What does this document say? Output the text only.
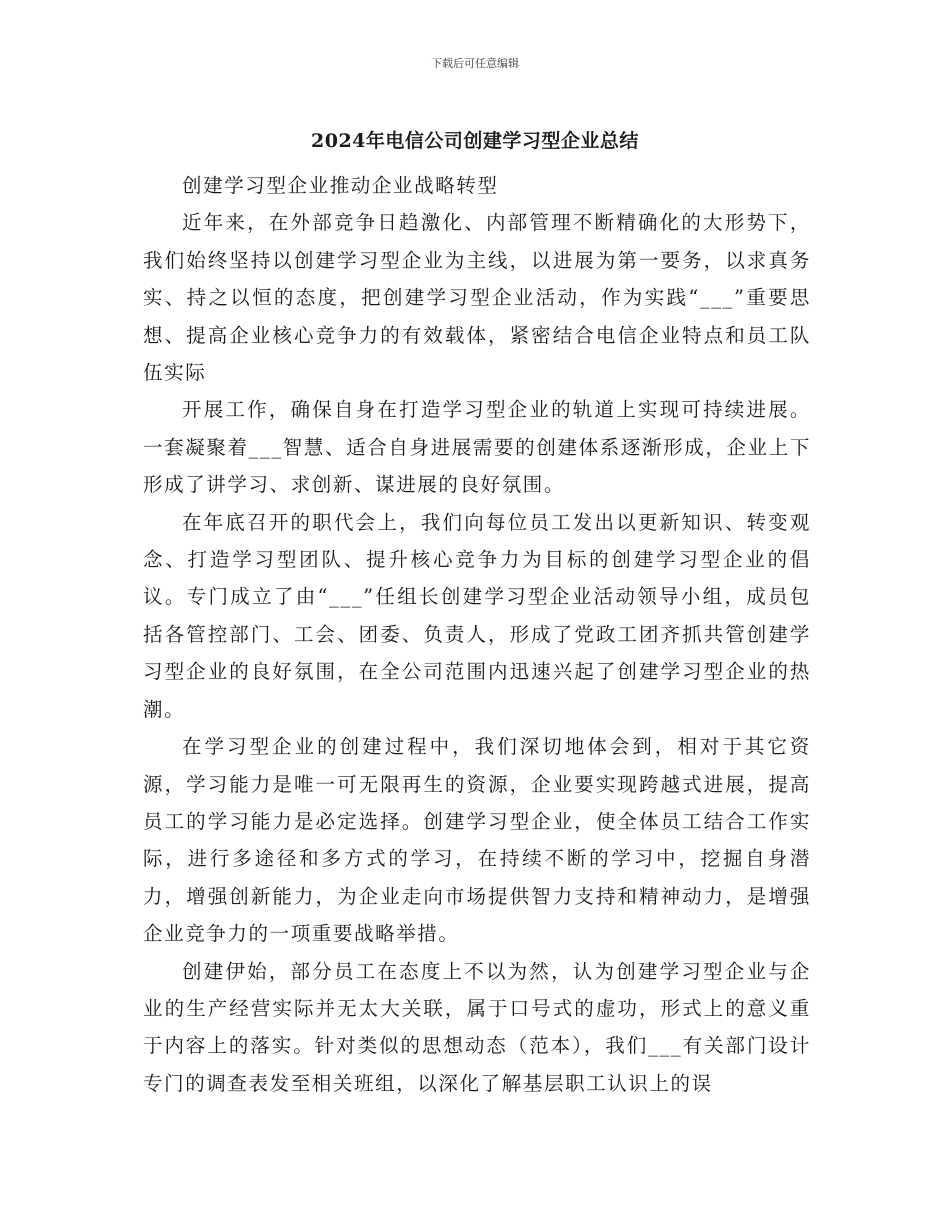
下载后可任意编辑
2024年电信公司创建学习型企业总结

创建学习型企业推动企业战略转型

近年来，在外部竞争日趋激化、内部管理不断精确化的大形势下，我们始终坚持以创建学习型企业为主线，以进展为第一要务，以求真务实、持之以恒的态度，把创建学习型企业活动，作为实践“___”重要思想、提高企业核心竞争力的有效载体，紧密结合电信企业特点和员工队伍实际

开展工作，确保自身在打造学习型企业的轨道上实现可持续进展。一套凝聚着___智慧、适合自身进展需要的创建体系逐渐形成，企业上下形成了讲学习、求创新、谋进展的良好氛围。

在年底召开的职代会上，我们向每位员工发出以更新知识、转变观念、打造学习型团队、提升核心竞争力为目标的创建学习型企业的倡议。专门成立了由“___”任组长创建学习型企业活动领导小组，成员包括各管控部门、工会、团委、负责人，形成了党政工团齐抓共管创建学习型企业的良好氛围，在全公司范围内迅速兴起了创建学习型企业的热潮。

在学习型企业的创建过程中，我们深切地体会到，相对于其它资源，学习能力是唯一可无限再生的资源，企业要实现跨越式进展，提高员工的学习能力是必定选择。创建学习型企业，使全体员工结合工作实际，进行多途径和多方式的学习，在持续不断的学习中，挖掘自身潜力，增强创新能力，为企业走向市场提供智力支持和精神动力，是增强企业竞争力的一项重要战略举措。

创建伊始，部分员工在态度上不以为然，认为创建学习型企业与企业的生产经营实际并无太大关联，属于口号式的虚功，形式上的意义重于内容上的落实。针对类似的思想动态（范本），我们___有关部门设计专门的调查表发至相关班组，以深化了解基层职工认识上的误
